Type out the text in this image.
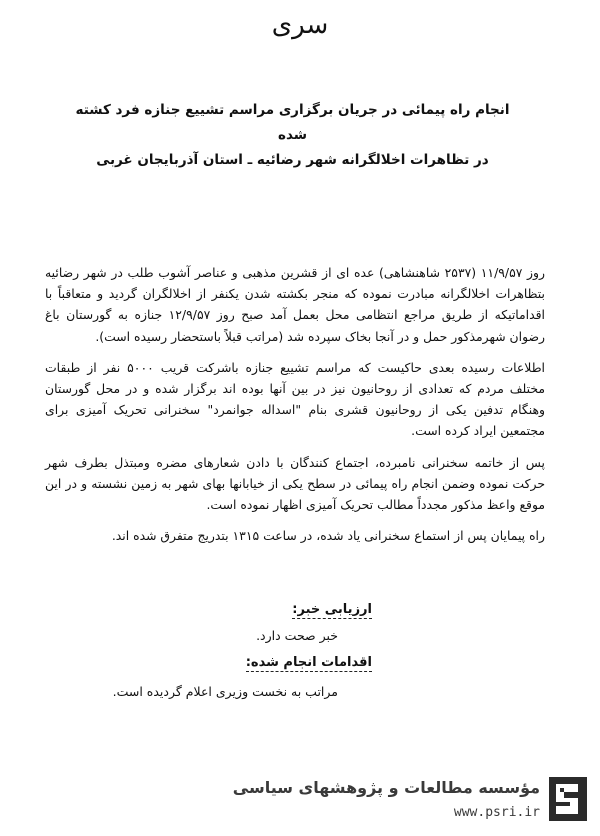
سری
انجام راه پیمائی در جریان برگزاری مراسم تشییع جنازه فرد کشته شده
در تظاهرات اخلالگرانه شهر رضائیه ـ استان آذربایجان غربی

روز ۱۱/۹/۵۷ (۲۵۳۷ شاهنشاهی) عده ای از قشرین مذهبی و عناصر آشوب طلب در شهر رضائیه بتظاهرات اخلالگرانه مبادرت نموده که منجر بکشته شدن یکنفر از اخلالگران گردید و متعاقباً با اقداماتیکه از طریق مراجع انتظامی محل بعمل آمد صبح روز ۱۲/۹/۵۷ جنازه به گورستان باغ رضوان شهرمذکور حمل و در آنجا بخاک سپرده شد (مراتب قبلاً باستحضار رسیده است).

اطلاعات رسیده بعدی حاکیست که مراسم تشییع جنازه باشرکت قریب ۵۰۰۰ نفر از طبقات مختلف مردم که تعدادی از روحانیون نیز در بین آنها بوده اند برگزار شده و در محل گورستان وهنگام تدفین یکی از روحانیون قشری بنام "اسداله جوانمرد" سخنرانی تحریک آمیزی برای مجتمعین ایراد کرده است.

پس از خاتمه سخنرانی نامبرده، اجتماع کنندگان با دادن شعارهای مضره ومبتذل بطرف شهر حرکت نموده وضمن انجام راه پیمائی در سطح یکی از خیابانها بهای شهر به زمین نشسته و در این موقع واعظ مذکور مجدداً مطالب تحریک آمیزی اظهار نموده است.

راه پیمایان پس از استماع سخنرانی یاد شده، در ساعت ۱۳۱۵ بتدریج متفرق شده اند.

ارزیابی خبر:
خبر صحت دارد.
اقدامات انجام شده:
مراتب به نخست وزیری اعلام گردیده است.
مؤسسه مطالعات و پژوهشهای سیاسی
www.psri.ir
